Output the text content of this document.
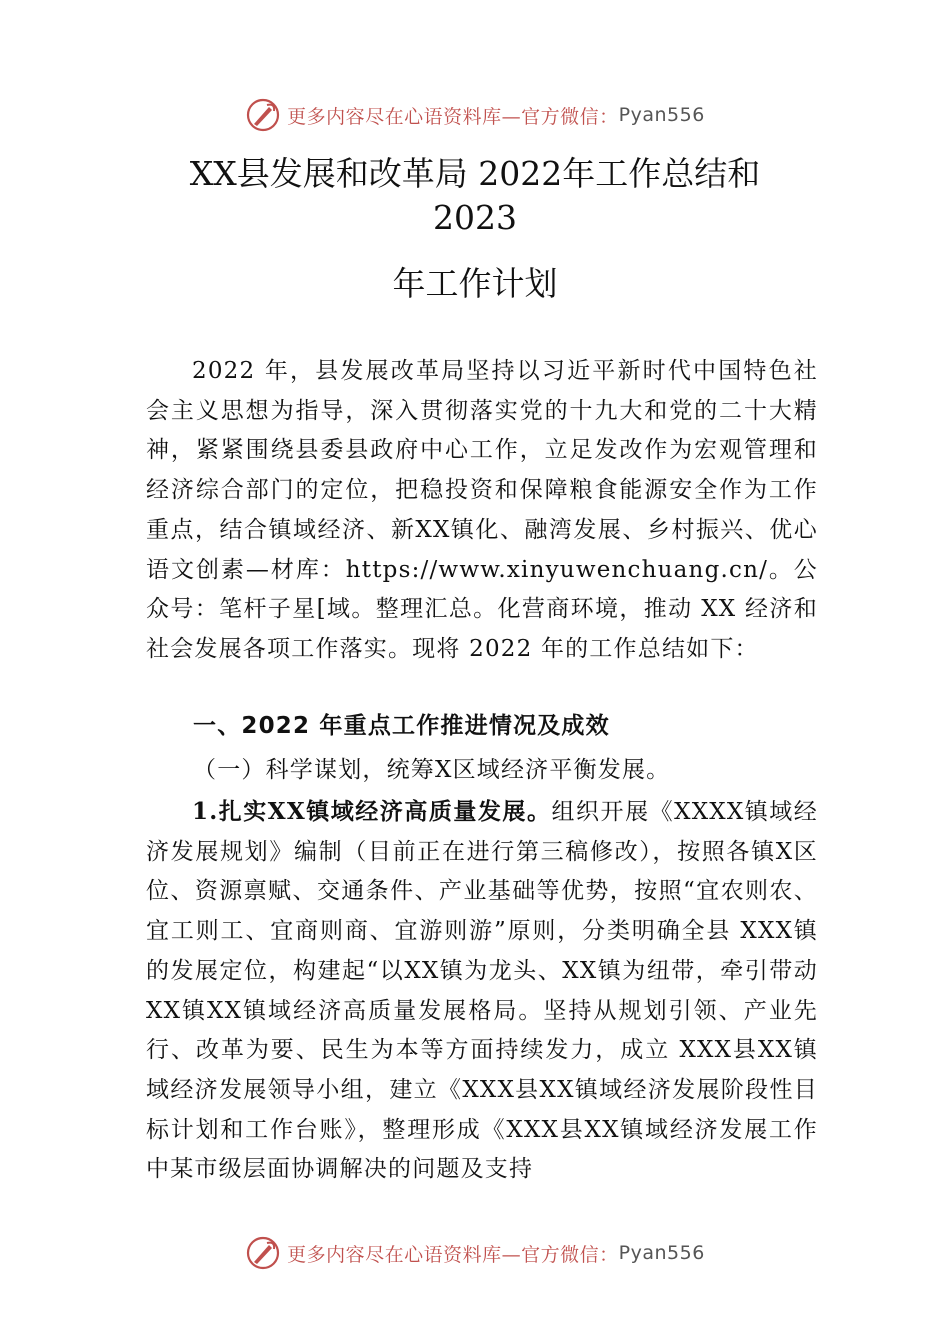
更多内容尽在心语资料库—官方微信： Pyan556
XX县发展和改革局 2022年工作总结和
2023
年工作计划
2022 年，县发展改革局坚持以习近平新时代中国特色社会主义思想为指导，深入贯彻落实党的十九大和党的二十大精神，紧紧围绕县委县政府中心工作，立足发改作为宏观管理和经济综合部门的定位，把稳投资和保障粮食能源安全作为工作重点，结合镇域经济、新XX镇化、融湾发展、乡村振兴、优心语文创素—材库：https://www.xinyuwenchuang.cn/。公众号：笔杆子星[域。整理汇总。化营商环境，推动 XX 经济和社会发展各项工作落实。现将 2022 年的工作总结如下：
一、2022 年重点工作推进情况及成效
（一）科学谋划，统筹X区域经济平衡发展。
1.扎实XX镇域经济高质量发展。组织开展《XXXX镇域经济发展规划》编制（目前正在进行第三稿修改），按照各镇X区位、资源禀赋、交通条件、产业基础等优势，按照“宜农则农、宜工则工、宜商则商、宜游则游”原则，分类明确全县 XXX镇的发展定位，构建起“以XX镇为龙头、XX镇为纽带，牵引带动XX镇XX镇域经济高质量发展格局。坚持从规划引领、产业先行、改革为要、民生为本等方面持续发力，成立 XXX县XX镇域经济发展领导小组，建立《XXX县XX镇域经济发展阶段性目标计划和工作台账》，整理形成《XXX县XX镇域经济发展工作中某市级层面协调解决的问题及支持
更多内容尽在心语资料库—官方微信： Pyan556
